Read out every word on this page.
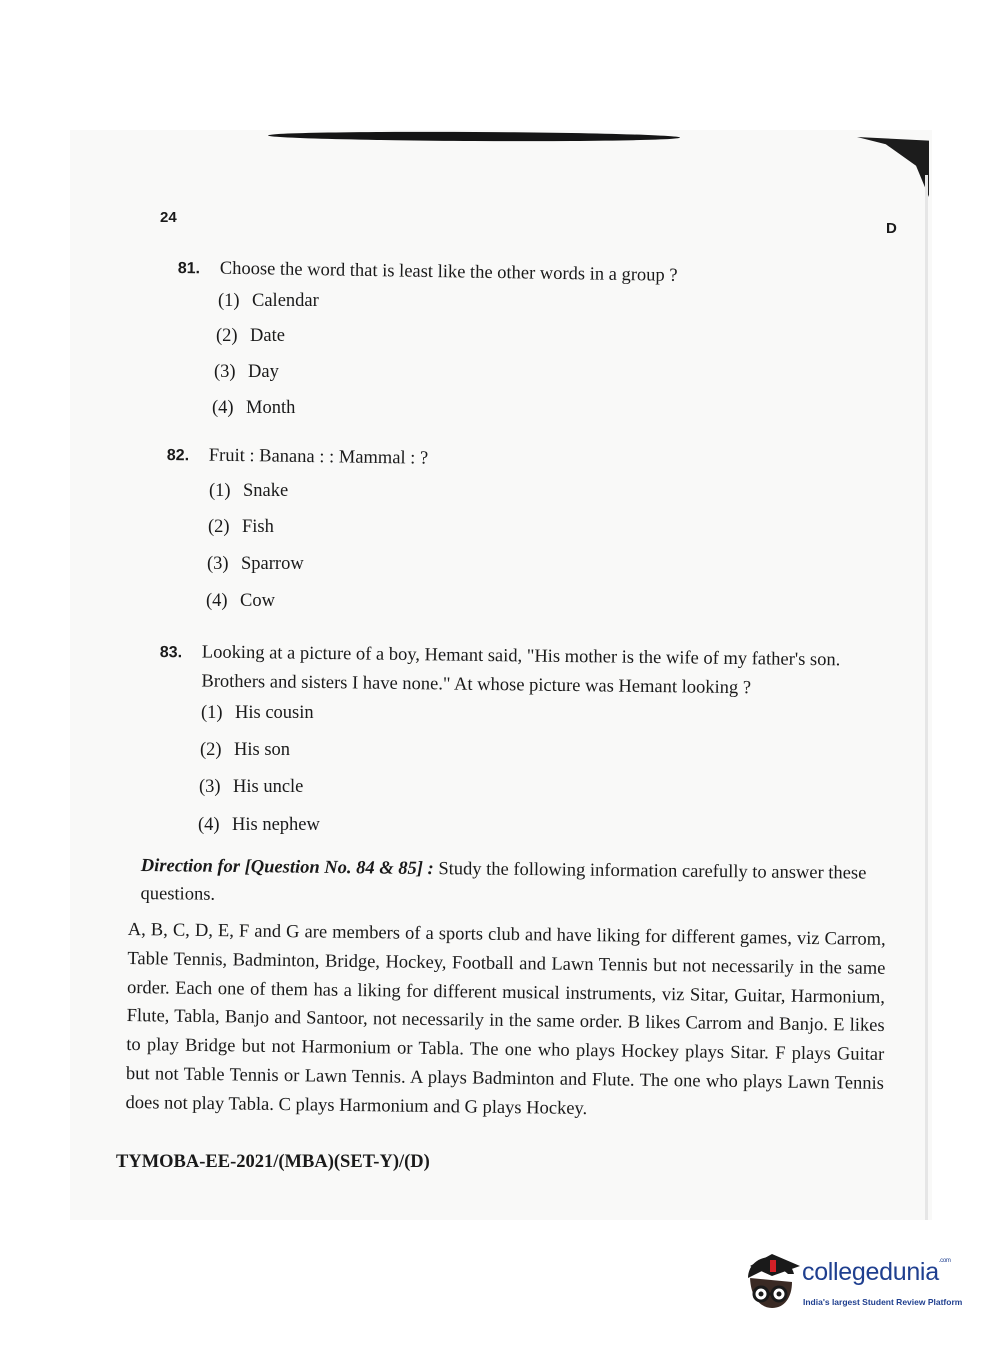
24
D
81. Choose the word that is least like the other words in a group ?
(1) Calendar
(2) Date
(3) Day
(4) Month
82. Fruit : Banana : : Mammal : ?
(1) Snake
(2) Fish
(3) Sparrow
(4) Cow
83. Looking at a picture of a boy, Hemant said, "His mother is the wife of my father's son.
Brothers and sisters I have none." At whose picture was Hemant looking ?
(1) His cousin
(2) His son
(3) His uncle
(4) His nephew
Direction for [Question No. 84 & 85] : Study the following information carefully to answer these questions.
A, B, C, D, E, F and G are members of a sports club and have liking for different games, viz Carrom, Table Tennis, Badminton, Bridge, Hockey, Football and Lawn Tennis but not necessarily in the same order. Each one of them has a liking for different musical instruments, viz Sitar, Guitar, Harmonium, Flute, Tabla, Banjo and Santoor, not necessarily in the same order. B likes Carrom and Banjo. E likes to play Bridge but not Harmonium or Tabla. The one who plays Hockey plays Sitar. F plays Guitar but not Table Tennis or Lawn Tennis. A plays Badminton and Flute. The one who plays Lawn Tennis does not play Tabla. C plays Harmonium and G plays Hockey.
TYMOBA-EE-2021/(MBA)(SET-Y)/(D)
collegedunia$^{.com}$
India's largest Student Review Platform
